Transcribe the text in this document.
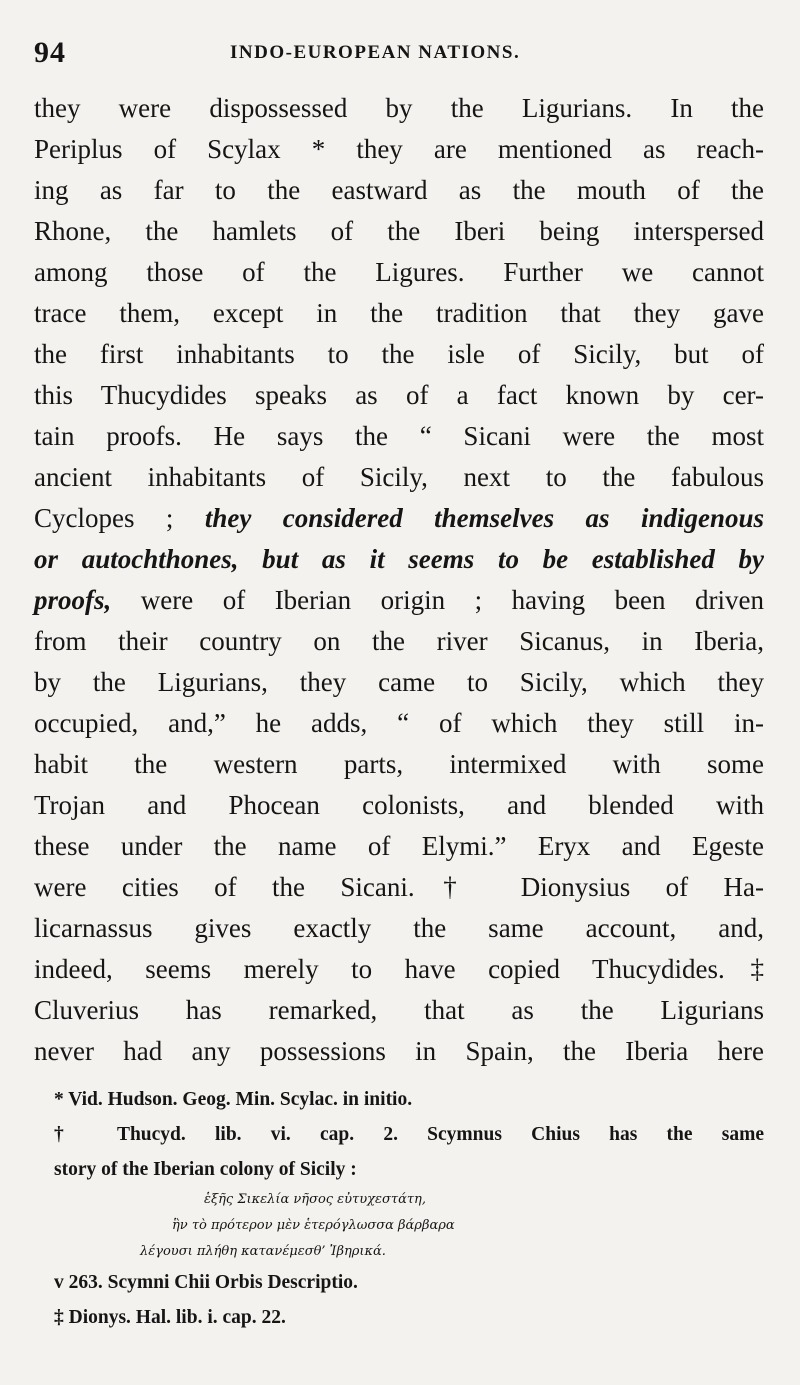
94	INDO-EUROPEAN NATIONS.
they were dispossessed by the Ligurians. In the
Periplus of Scylax * they are mentioned as reach-
ing as far to the eastward as the mouth of the
Rhone, the hamlets of the Iberi being interspersed
among those of the Ligures. Further we cannot
trace them, except in the tradition that they gave
the first inhabitants to the isle of Sicily, but of
this Thucydides speaks as of a fact known by cer-
tain proofs. He says the “ Sicani were the most
ancient inhabitants of Sicily, next to the fabulous
Cyclopes ; they considered themselves as indigenous
or autochthones, but as it seems to be established by
proofs, were of Iberian origin ; having been driven
from their country on the river Sicanus, in Iberia,
by the Ligurians, they came to Sicily, which they
occupied, and,” he adds, “ of which they still in-
habit the western parts, intermixed with some
Trojan and Phocean colonists, and blended with
these under the name of Elymi.” Eryx and Egeste
were cities of the Sicani.† Dionysius of Ha-
licarnassus gives exactly the same account, and,
indeed, seems merely to have copied Thucydides.‡
Cluverius has remarked, that as the Ligurians
never had any possessions in Spain, the Iberia here
* Vid. Hudson. Geog. Min. Scylac. in initio.
† Thucyd. lib. vi. cap. 2. Scymnus Chius has the same
story of the Iberian colony of Sicily :
ἑξῆς Σικελία νῆσος εὐτυχεστάτη,
ἣν τὸ πρότερον μὲν ἑτερόγλωσσα βάρβαρα
λέγουσι πλήθη κατανέμεσθ’ Ἰβηρικά.
v 263. Scymni Chii Orbis Descriptio.
‡ Dionys. Hal. lib. i. cap. 22.
